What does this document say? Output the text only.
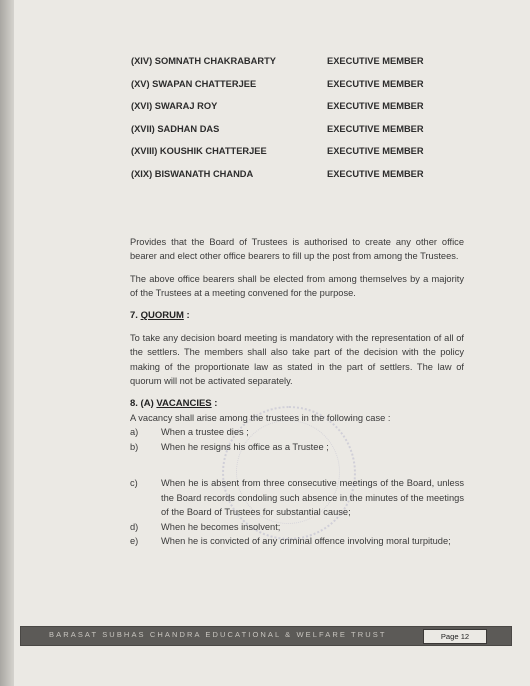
(XIV) SOMNATH CHAKRABARTY	EXECUTIVE MEMBER
(XV) SWAPAN CHATTERJEE	EXECUTIVE MEMBER
(XVI) SWARAJ ROY	EXECUTIVE MEMBER
(XVII) SADHAN DAS	EXECUTIVE MEMBER
(XVIII) KOUSHIK CHATTERJEE	EXECUTIVE MEMBER
(XIX) BISWANATH CHANDA	EXECUTIVE MEMBER
Provides that the Board of Trustees is authorised to create any other office bearer and elect other office bearers to fill up the post from among the Trustees.
The above office bearers shall be elected from among themselves by a majority of the Trustees at a meeting convened for the purpose.
7. QUORUM :
To take any decision board meeting is mandatory with the representation of all of the settlers. The members shall also take part of the decision with the policy making of the proportionate law as stated in the part of settlers. The law of quorum will not be activated separately.
8. (A) VACANCIES :
A vacancy shall arise among the trustees in the following case :
a) When a trustee dies ;
b) When he resigns his office as a Trustee ;
c)	When he is absent from three consecutive meetings of the Board, unless the Board records condoling such absence in the minutes of the meetings of the Board of Trustees for substantial cause;
d) When he becomes insolvent;
e) When he is convicted of any criminal offence involving moral turpitude;
BARASAT SUBHAS CHANDRA EDUCATIONAL & WELFARE TRUST	Page 12
